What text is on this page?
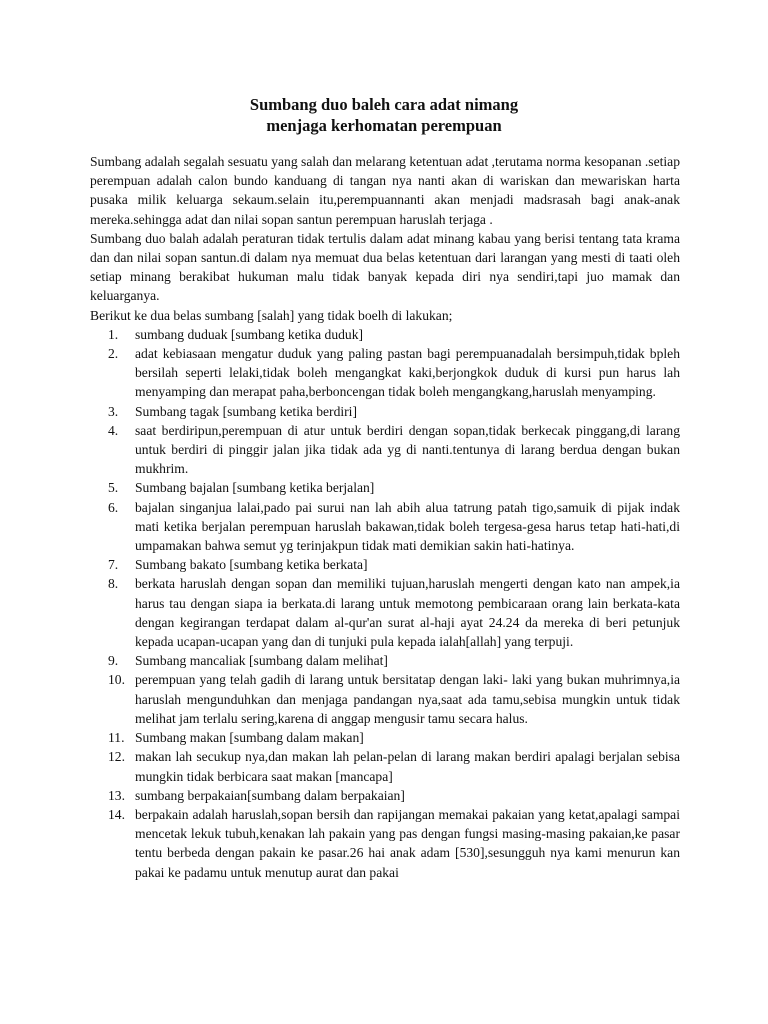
Sumbang duo baleh cara adat nimang
menjaga kerhomatan perempuan

Sumbang adalah segalah sesuatu yang salah dan melarang ketentuan adat ,terutama norma kesopanan .setiap perempuan adalah calon bundo kanduang di tangan nya nanti akan di wariskan dan mewariskan harta pusaka milik keluarga sekaum.selain itu,perempuannanti akan menjadi madsrasah bagi anak-anak mereka.sehingga adat dan nilai sopan santun perempuan haruslah terjaga .

Sumbang duo balah adalah peraturan tidak tertulis dalam adat minang kabau yang berisi tentang tata krama dan dan nilai sopan santun.di dalam nya memuat dua belas ketentuan dari larangan yang mesti di taati oleh setiap minang berakibat hukuman malu tidak banyak kepada diri nya sendiri,tapi juo mamak dan keluarganya.

Berikut ke dua belas sumbang [salah] yang tidak boelh di lakukan;

1. sumbang duduak [sumbang ketika duduk]
2. adat kebiasaan mengatur duduk yang paling pastan bagi perempuanadalah bersimpuh,tidak bpleh bersilah seperti lelaki,tidak boleh mengangkat kaki,berjongkok duduk di kursi pun harus lah menyamping dan merapat paha,berboncengan tidak boleh mengangkang,haruslah menyamping.
3. Sumbang tagak [sumbang ketika berdiri]
4. saat berdiripun,perempuan di atur untuk berdiri dengan sopan,tidak berkecak pinggang,di larang untuk berdiri di pinggir jalan jika tidak ada yg di nanti.tentunya di larang berdua dengan bukan mukhrim.
5. Sumbang bajalan [sumbang ketika berjalan]
6. bajalan singanjua lalai,pado pai surui nan lah abih alua tatrung patah tigo,samuik di pijak indak mati ketika berjalan perempuan haruslah bakawan,tidak boleh tergesa-gesa harus tetap hati-hati,di umpamakan bahwa semut yg terinjakpun tidak mati demikian sakin hati-hatinya.
7. Sumbang bakato [sumbang ketika berkata]
8. berkata haruslah dengan sopan dan memiliki tujuan,haruslah mengerti dengan kato nan ampek,ia harus tau dengan siapa ia berkata.di larang untuk memotong pembicaraan orang lain berkata-kata dengan kegirangan terdapat dalam al-qur'an surat al-haji ayat 24.24 da mereka di beri petunjuk kepada ucapan-ucapan yang dan di tunjuki pula kepada ialah[allah] yang terpuji.
9. Sumbang mancaliak [sumbang dalam melihat]
10. perempuan yang telah gadih di larang untuk bersitatap dengan laki- laki yang bukan muhrimnya,ia haruslah mengunduhkan dan menjaga pandangan nya,saat ada tamu,sebisa mungkin untuk tidak melihat jam terlalu sering,karena di anggap mengusir tamu secara halus.
11. Sumbang makan [sumbang dalam makan]
12. makan lah secukup nya,dan makan lah pelan-pelan di larang makan berdiri apalagi berjalan sebisa mungkin tidak berbicara saat makan [mancapa]
13. sumbang berpakaian[sumbang dalam berpakaian]
14. berpakain adalah haruslah,sopan bersih dan rapijangan memakai pakaian yang ketat,apalagi sampai mencetak lekuk tubuh,kenakan lah pakain yang pas dengan fungsi masing-masing pakaian,ke pasar tentu berbeda dengan pakain ke pasar.26 hai anak adam [530],sesungguh nya kami menurun kan pakai ke padamu untuk menutup aurat dan pakai
